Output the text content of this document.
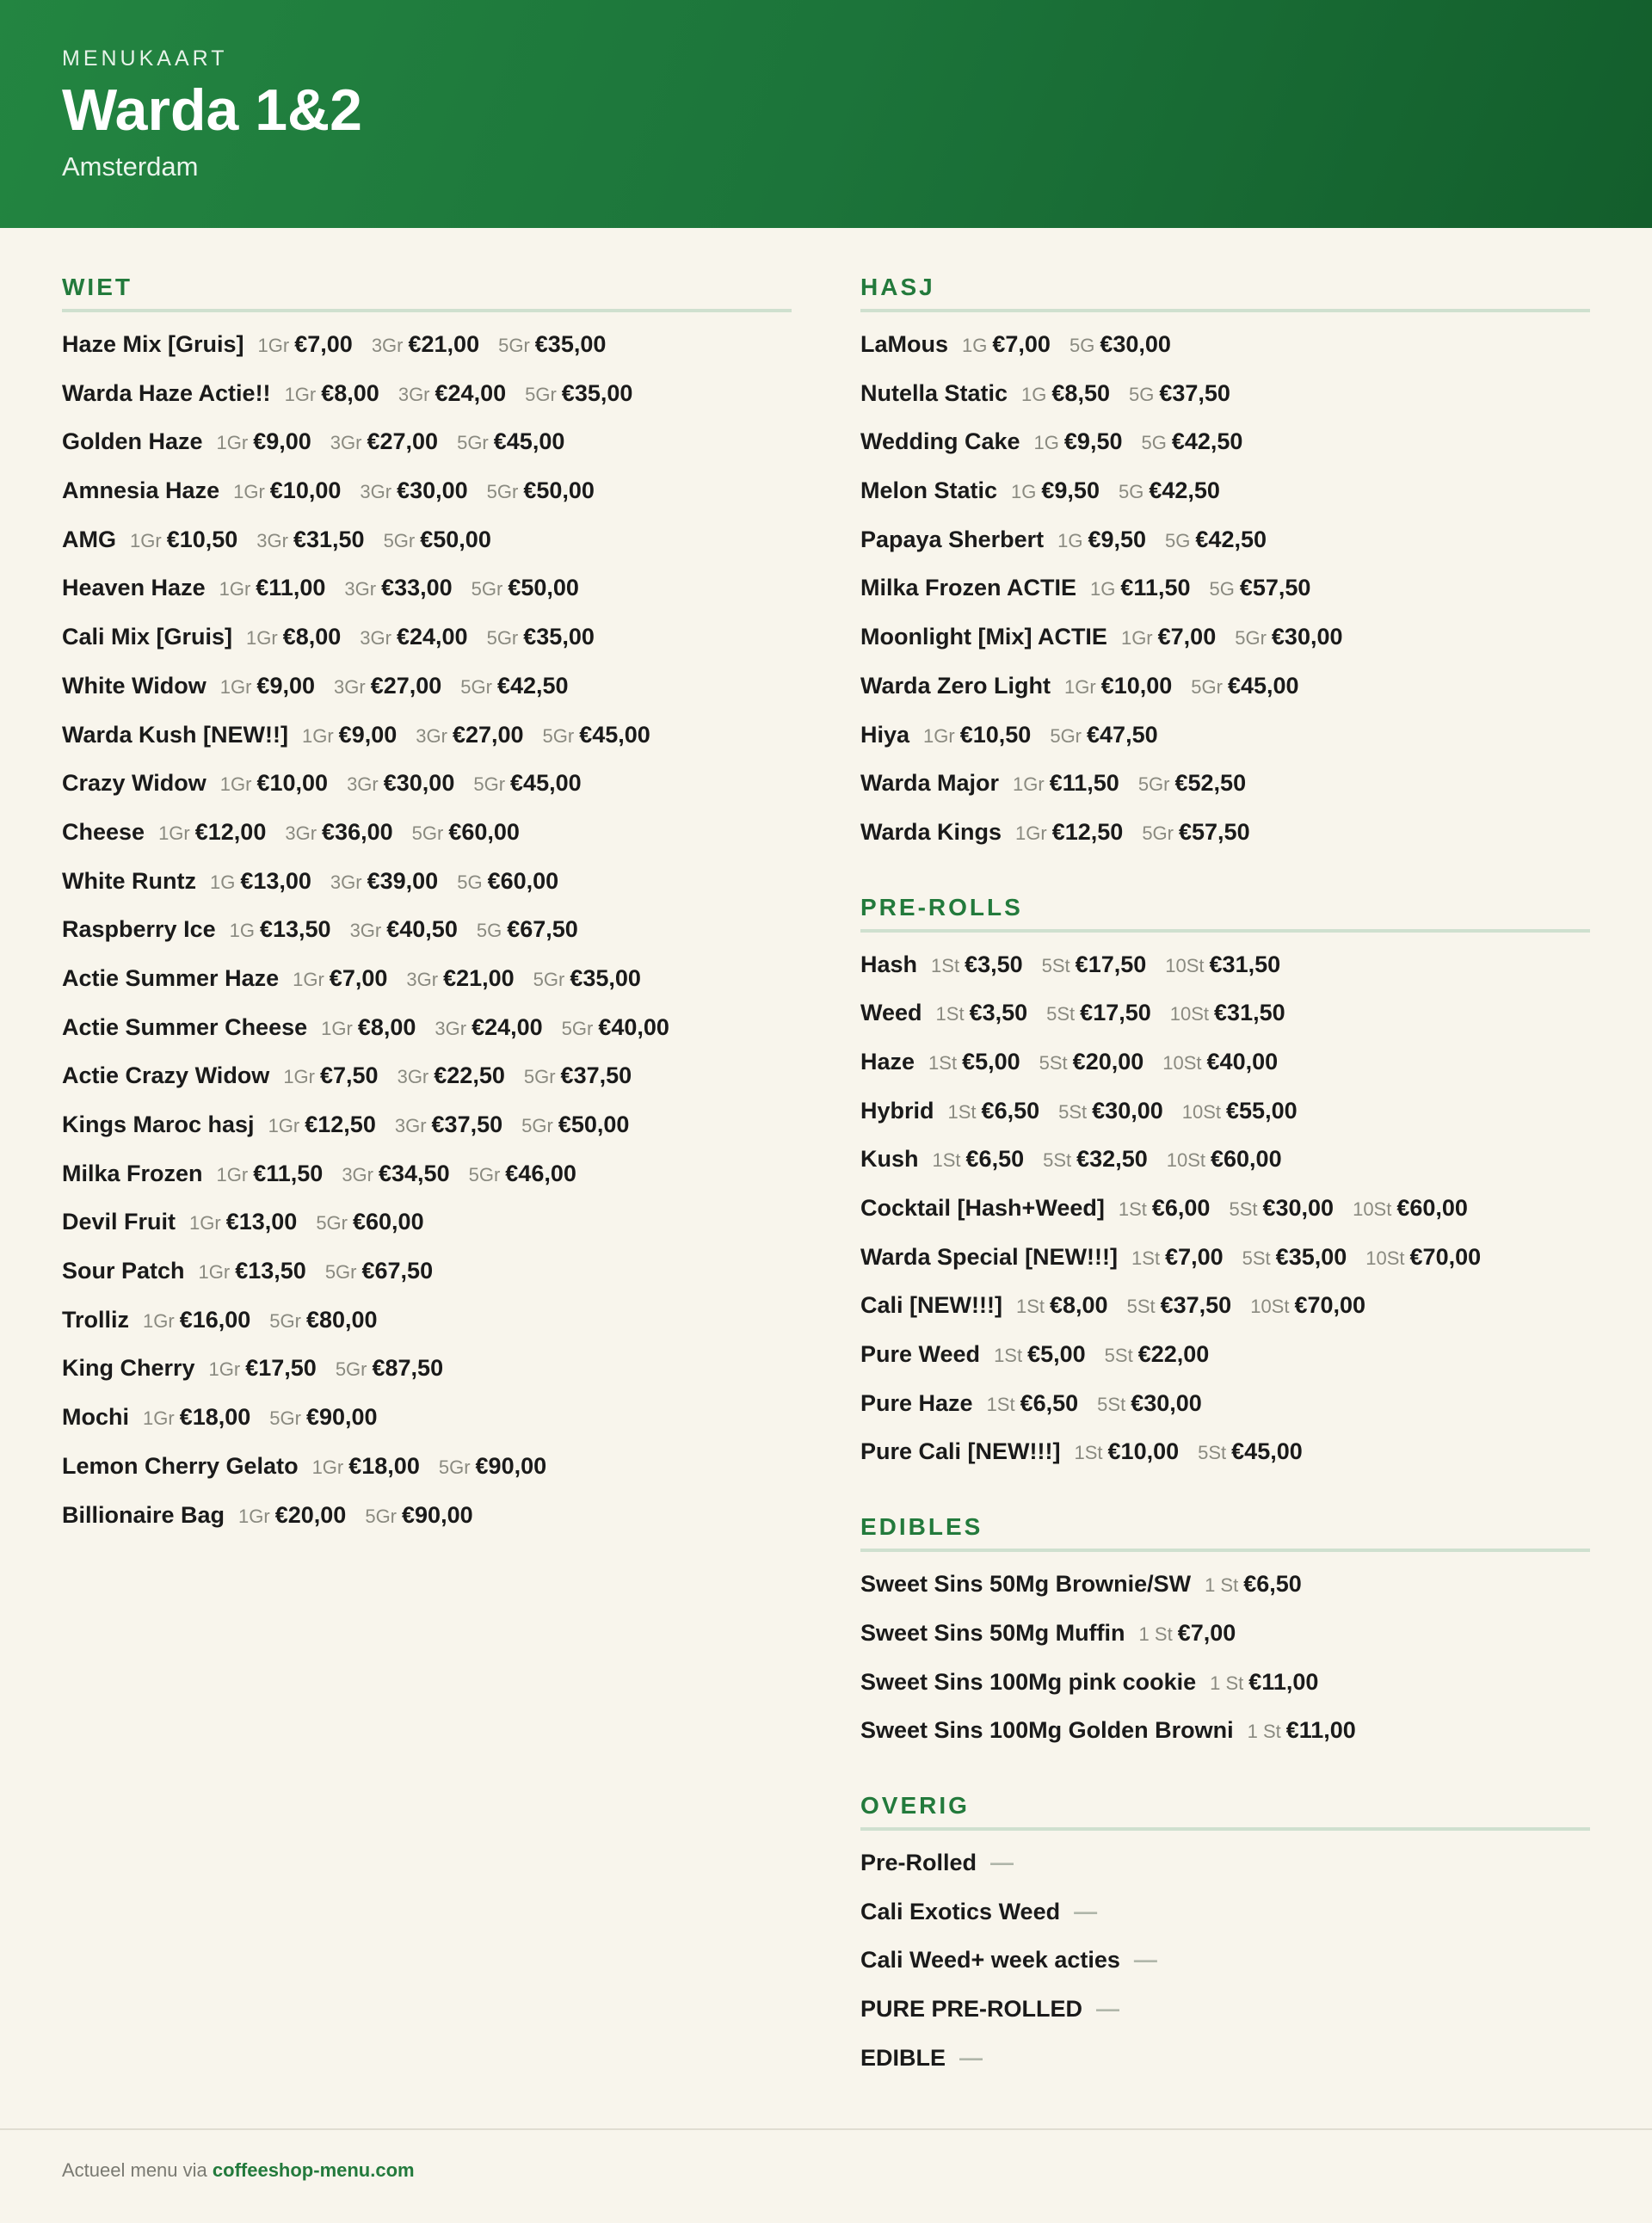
MENUKAART
Warda 1&2
Amsterdam
WIET
Haze Mix [Gruis] 1Gr €7,00 3Gr €21,00 5Gr €35,00
Warda Haze Actie!! 1Gr €8,00 3Gr €24,00 5Gr €35,00
Golden Haze 1Gr €9,00 3Gr €27,00 5Gr €45,00
Amnesia Haze 1Gr €10,00 3Gr €30,00 5Gr €50,00
AMG 1Gr €10,50 3Gr €31,50 5Gr €50,00
Heaven Haze 1Gr €11,00 3Gr €33,00 5Gr €50,00
Cali Mix [Gruis] 1Gr €8,00 3Gr €24,00 5Gr €35,00
White Widow 1Gr €9,00 3Gr €27,00 5Gr €42,50
Warda Kush [NEW!!] 1Gr €9,00 3Gr €27,00 5Gr €45,00
Crazy Widow 1Gr €10,00 3Gr €30,00 5Gr €45,00
Cheese 1Gr €12,00 3Gr €36,00 5Gr €60,00
White Runtz 1G €13,00 3Gr €39,00 5G €60,00
Raspberry Ice 1G €13,50 3Gr €40,50 5G €67,50
Actie Summer Haze 1Gr €7,00 3Gr €21,00 5Gr €35,00
Actie Summer Cheese 1Gr €8,00 3Gr €24,00 5Gr €40,00
Actie Crazy Widow 1Gr €7,50 3Gr €22,50 5Gr €37,50
Kings Maroc hasj 1Gr €12,50 3Gr €37,50 5Gr €50,00
Milka Frozen 1Gr €11,50 3Gr €34,50 5Gr €46,00
Devil Fruit 1Gr €13,00 5Gr €60,00
Sour Patch 1Gr €13,50 5Gr €67,50
Trolliz 1Gr €16,00 5Gr €80,00
King Cherry 1Gr €17,50 5Gr €87,50
Mochi 1Gr €18,00 5Gr €90,00
Lemon Cherry Gelato 1Gr €18,00 5Gr €90,00
Billionaire Bag 1Gr €20,00 5Gr €90,00
HASJ
LaMous 1G €7,00 5G €30,00
Nutella Static 1G €8,50 5G €37,50
Wedding Cake 1G €9,50 5G €42,50
Melon Static 1G €9,50 5G €42,50
Papaya Sherbert 1G €9,50 5G €42,50
Milka Frozen ACTIE 1G €11,50 5G €57,50
Moonlight [Mix] ACTIE 1Gr €7,00 5Gr €30,00
Warda Zero Light 1Gr €10,00 5Gr €45,00
Hiya 1Gr €10,50 5Gr €47,50
Warda Major 1Gr €11,50 5Gr €52,50
Warda Kings 1Gr €12,50 5Gr €57,50
PRE-ROLLS
Hash 1St €3,50 5St €17,50 10St €31,50
Weed 1St €3,50 5St €17,50 10St €31,50
Haze 1St €5,00 5St €20,00 10St €40,00
Hybrid 1St €6,50 5St €30,00 10St €55,00
Kush 1St €6,50 5St €32,50 10St €60,00
Cocktail [Hash+Weed] 1St €6,00 5St €30,00 10St €60,00
Warda Special [NEW!!!] 1St €7,00 5St €35,00 10St €70,00
Cali [NEW!!!] 1St €8,00 5St €37,50 10St €70,00
Pure Weed 1St €5,00 5St €22,00
Pure Haze 1St €6,50 5St €30,00
Pure Cali [NEW!!!] 1St €10,00 5St €45,00
EDIBLES
Sweet Sins 50Mg Brownie/SW 1 St €6,50
Sweet Sins 50Mg Muffin 1 St €7,00
Sweet Sins 100Mg pink cookie 1 St €11,00
Sweet Sins 100Mg Golden Browni 1 St €11,00
OVERIG
Pre-Rolled —
Cali Exotics Weed —
Cali Weed+ week acties —
PURE PRE-ROLLED —
EDIBLE —
Actueel menu via coffeeshop-menu.com
